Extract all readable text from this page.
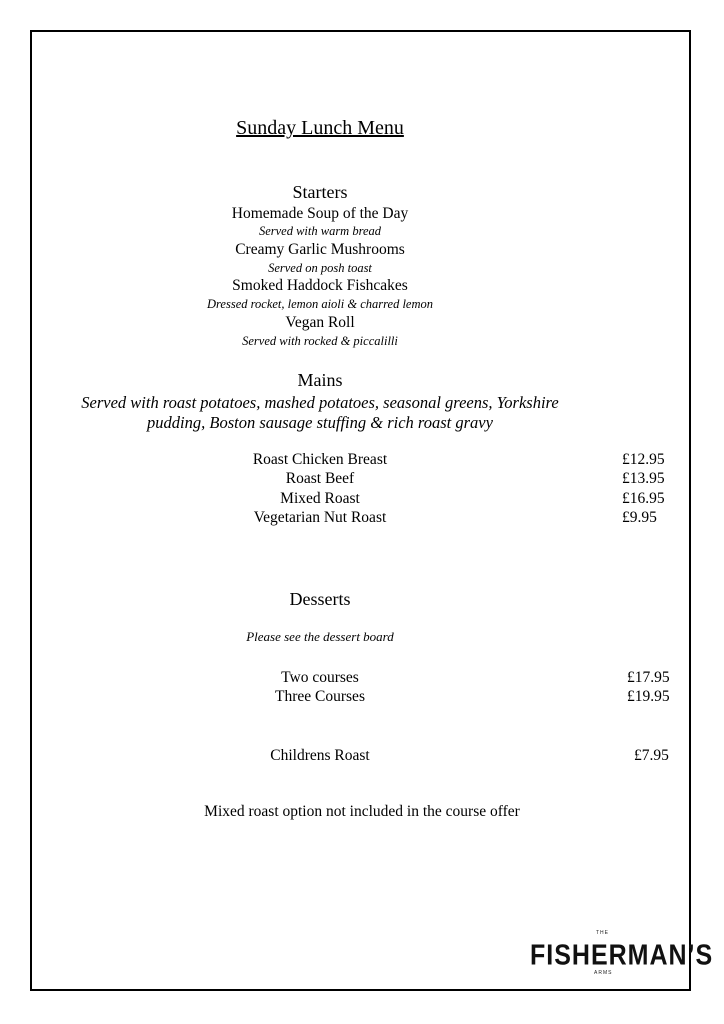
Sunday Lunch Menu
Starters
Homemade Soup of the Day
Served with warm bread
Creamy Garlic Mushrooms
Served on posh toast
Smoked Haddock Fishcakes
Dressed rocket, lemon aioli & charred lemon
Vegan Roll
Served with rocked & piccalilli
Mains
Served with roast potatoes, mashed potatoes, seasonal greens, Yorkshire
pudding, Boston sausage stuffing & rich roast gravy
Roast Chicken Breast	£12.95
Roast Beef	£13.95
Mixed Roast	£16.95
Vegetarian Nut Roast	£9.95
Desserts
Please see the dessert board
Two courses	£17.95
Three Courses	£19.95
Childrens Roast	£7.95
Mixed roast option not included in the course offer
THE
FISHERMAN’S
ARMS
